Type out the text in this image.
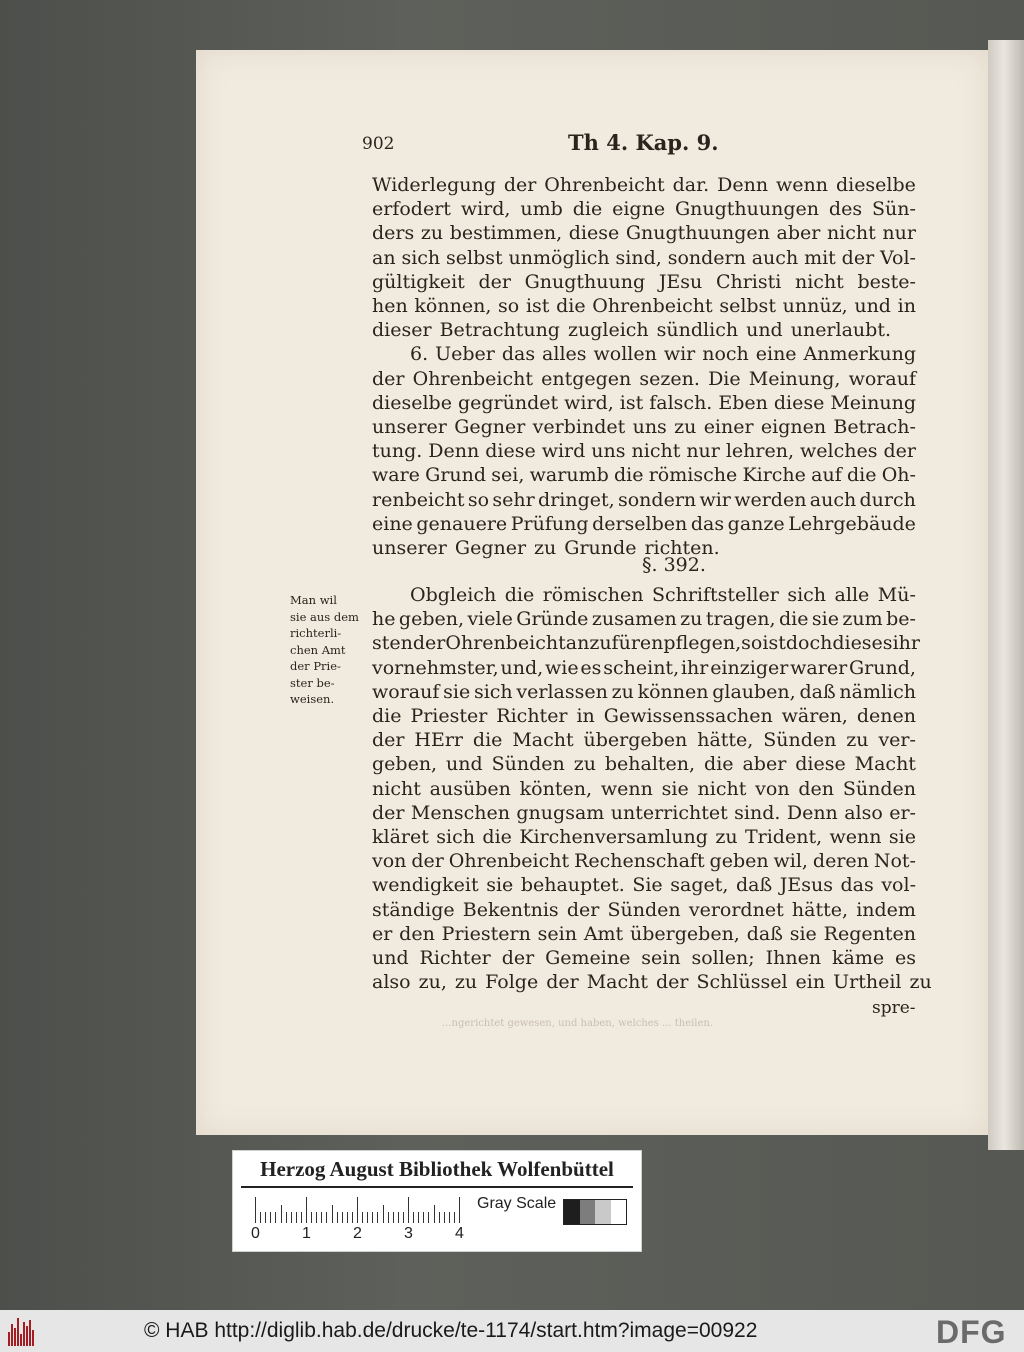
902	Th 4. Kap. 9.
Widerlegung der Ohrenbeicht dar. Denn wenn dieselbe
erfodert wird, umb die eigne Gnugthuungen des Sün-
ders zu bestimmen, diese Gnugthuungen aber nicht nur
an sich selbst unmöglich sind, sondern auch mit der Vol-
gültigkeit der Gnugthuung JEsu Christi nicht beste-
hen können, so ist die Ohrenbeicht selbst unnüz, und in
dieser Betrachtung zugleich sündlich und unerlaubt.
6. Ueber das alles wollen wir noch eine Anmerkung
der Ohrenbeicht entgegen sezen. Die Meinung, worauf
dieselbe gegründet wird, ist falsch. Eben diese Meinung
unserer Gegner verbindet uns zu einer eignen Betrach-
tung. Denn diese wird uns nicht nur lehren, welches der
ware Grund sei, warumb die römische Kirche auf die Oh-
renbeicht so sehr dringet, sondern wir werden auch durch
eine genauere Prüfung derselben das ganze Lehrgebäude
unserer Gegner zu Grunde richten.
Obgleich die römischen Schriftsteller sich alle Mü-
he geben, viele Gründe zusamen zu tragen, die sie zum be-
sten der Ohrenbeicht anzufüren pflegen, so ist doch dieses ihr
vornehmster, und, wie es scheint, ihr einziger warer Grund,
worauf sie sich verlassen zu können glauben, daß nämlich
die Priester Richter in Gewissenssachen wären, denen
der HErr die Macht übergeben hätte, Sünden zu ver-
geben, und Sünden zu behalten, die aber diese Macht
nicht ausüben könten, wenn sie nicht von den Sünden
der Menschen gnugsam unterrichtet sind. Denn also er-
kläret sich die Kirchenversamlung zu Trident, wenn sie
von der Ohrenbeicht Rechenschaft geben wil, deren Not-
wendigkeit sie behauptet. Sie saget, daß JEsus das vol-
ständige Bekentnis der Sünden verordnet hätte, indem
er den Priestern sein Amt übergeben, daß sie Regenten
und Richter der Gemeine sein sollen; Ihnen käme es
also zu, zu Folge der Macht der Schlüssel ein Urtheil zu
§. 392.
Man wil
sie aus dem
richterli-
chen Amt
der Prie-
ster be-
weisen.
spre-
...ngerichtet gewesen, und haben, welches ... theilen.
Herzog August Bibliothek Wolfenbüttel
0	1	2	3	4
Gray Scale
© HAB http://diglib.hab.de/drucke/te-1174/start.htm?image=00922	DFG
